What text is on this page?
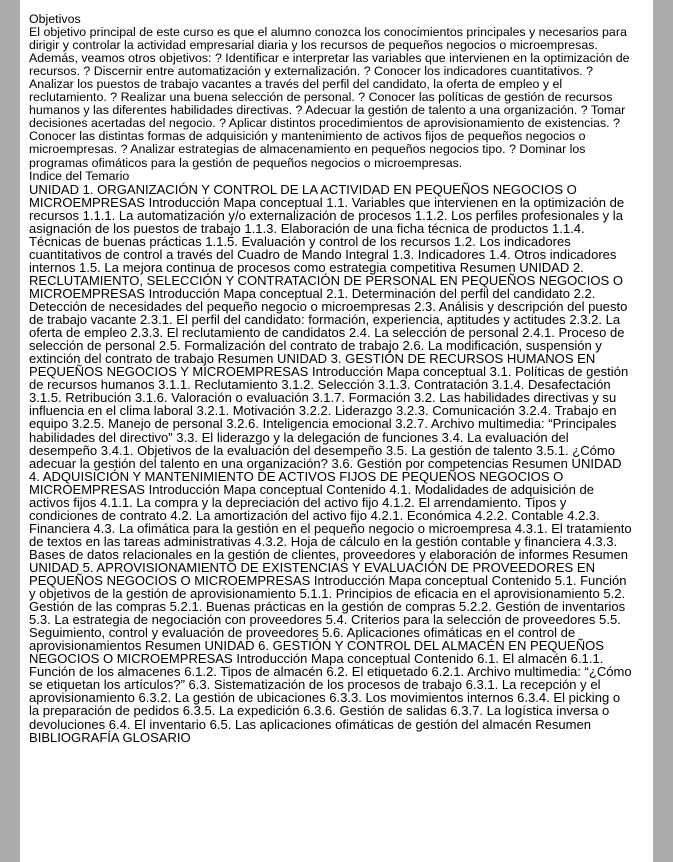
Objetivos

El objetivo principal de este curso es que el alumno conozca los conocimientos principales y necesarios para dirigir y controlar la actividad empresarial diaria y los recursos de pequeños negocios o microempresas. Además, veamos otros objetivos: ? Identificar e interpretar las variables que intervienen en la optimización de recursos. ? Discernir entre automatización y externalización. ? Conocer los indicadores cuantitativos. ? Analizar los puestos de trabajo vacantes a través del perfil del candidato, la oferta de empleo y el reclutamiento. ? Realizar una buena selección de personal. ? Conocer las políticas de gestión de recursos humanos y las diferentes habilidades directivas. ? Adecuar la gestión de talento a una organización. ? Tomar decisiones acertadas del negocio. ? Aplicar distintos procedimientos de aprovisionamiento de existencias. ? Conocer las distintas formas de adquisición y mantenimiento de activos fijos de pequeños negocios o microempresas. ? Analizar estrategias de almacenamiento en pequeños negocios tipo. ? Dominar los programas ofimáticos para la gestión de pequeños negocios o microempresas.

Indice del Temario

UNIDAD 1. ORGANIZACIÓN Y CONTROL DE LA ACTIVIDAD EN PEQUEÑOS NEGOCIOS O MICROEMPRESAS Introducción Mapa conceptual 1.1. Variables que intervienen en la optimización de recursos 1.1.1. La automatización y/o externalización de procesos 1.1.2. Los perfiles profesionales y la asignación de los puestos de trabajo 1.1.3. Elaboración de una ficha técnica de productos 1.1.4. Técnicas de buenas prácticas 1.1.5. Evaluación y control de los recursos 1.2. Los indicadores cuantitativos de control a través del Cuadro de Mando Integral 1.3. Indicadores 1.4. Otros indicadores internos 1.5. La mejora continua de procesos como estrategia competitiva Resumen UNIDAD 2. RECLUTAMIENTO, SELECCIÓN Y CONTRATACIÓN DE PERSONAL EN PEQUEÑOS NEGOCIOS O MICROEMPRESAS Introducción Mapa conceptual 2.1. Determinación del perfil del candidato 2.2. Detección de necesidades del pequeño negocio o microempresas 2.3. Análisis y descripción del puesto de trabajo vacante 2.3.1. El perfil del candidato: formación, experiencia, aptitudes y actitudes 2.3.2. La oferta de empleo 2.3.3. El reclutamiento de candidatos 2.4. La selección de personal 2.4.1. Proceso de selección de personal 2.5. Formalización del contrato de trabajo 2.6. La modificación, suspensión y extinción del contrato de trabajo Resumen UNIDAD 3. GESTIÓN DE RECURSOS HUMANOS EN PEQUEÑOS NEGOCIOS Y MICROEMPRESAS Introducción Mapa conceptual 3.1. Políticas de gestión de recursos humanos 3.1.1. Reclutamiento 3.1.2. Selección 3.1.3. Contratación 3.1.4. Desafectación 3.1.5. Retribución 3.1.6. Valoración o evaluación 3.1.7. Formación 3.2. Las habilidades directivas y su influencia en el clima laboral 3.2.1. Motivación 3.2.2. Liderazgo 3.2.3. Comunicación 3.2.4. Trabajo en equipo 3.2.5. Manejo de personal 3.2.6. Inteligencia emocional 3.2.7. Archivo multimedia: “Principales habilidades del directivo” 3.3. El liderazgo y la delegación de funciones 3.4. La evaluación del desempeño 3.4.1. Objetivos de la evaluación del desempeño 3.5. La gestión de talento 3.5.1. ¿Cómo adecuar la gestión del talento en una organización? 3.6. Gestión por competencias Resumen UNIDAD 4. ADQUISICIÓN Y MANTENIMIENTO DE ACTIVOS FIJOS DE PEQUEÑOS NEGOCIOS O MICROEMPRESAS Introducción Mapa conceptual Contenido 4.1. Modalidades de adquisición de activos fijos 4.1.1. La compra y la depreciación del activo fijo 4.1.2. El arrendamiento. Tipos y condiciones de contrato 4.2. La amortización del activo fijo 4.2.1. Económica 4.2.2. Contable 4.2.3. Financiera 4.3. La ofimática para la gestión en el pequeño negocio o microempresa 4.3.1. El tratamiento de textos en las tareas administrativas 4.3.2. Hoja de cálculo en la gestión contable y financiera 4.3.3. Bases de datos relacionales en la gestión de clientes, proveedores y elaboración de informes Resumen UNIDAD 5. APROVISIONAMIENTO DE EXISTENCIAS Y EVALUACIÓN DE PROVEEDORES EN PEQUEÑOS NEGOCIOS O MICROEMPRESAS Introducción Mapa conceptual Contenido 5.1. Función y objetivos de la gestión de aprovisionamiento 5.1.1. Principios de eficacia en el aprovisionamiento 5.2. Gestión de las compras 5.2.1. Buenas prácticas en la gestión de compras 5.2.2. Gestión de inventarios 5.3. La estrategia de negociación con proveedores 5.4. Criterios para la selección de proveedores 5.5. Seguimiento, control y evaluación de proveedores 5.6. Aplicaciones ofimáticas en el control de aprovisionamientos Resumen UNIDAD 6. GESTIÓN Y CONTROL DEL ALMACÉN EN PEQUEÑOS NEGOCIOS O MICROEMPRESAS Introducción Mapa conceptual Contenido 6.1. El almacén 6.1.1. Función de los almacenes 6.1.2. Tipos de almacén 6.2. El etiquetado 6.2.1. Archivo multimedia: “¿Cómo se etiquetan los artículos?” 6.3. Sistematización de los procesos de trabajo 6.3.1. La recepción y el aprovisionamiento 6.3.2. La gestión de ubicaciones 6.3.3. Los movimientos internos 6.3.4. El picking o la preparación de pedidos 6.3.5. La expedición 6.3.6. Gestión de salidas 6.3.7. La logística inversa o devoluciones 6.4. El inventario 6.5. Las aplicaciones ofimáticas de gestión del almacén Resumen BIBLIOGRAFÍA GLOSARIO
